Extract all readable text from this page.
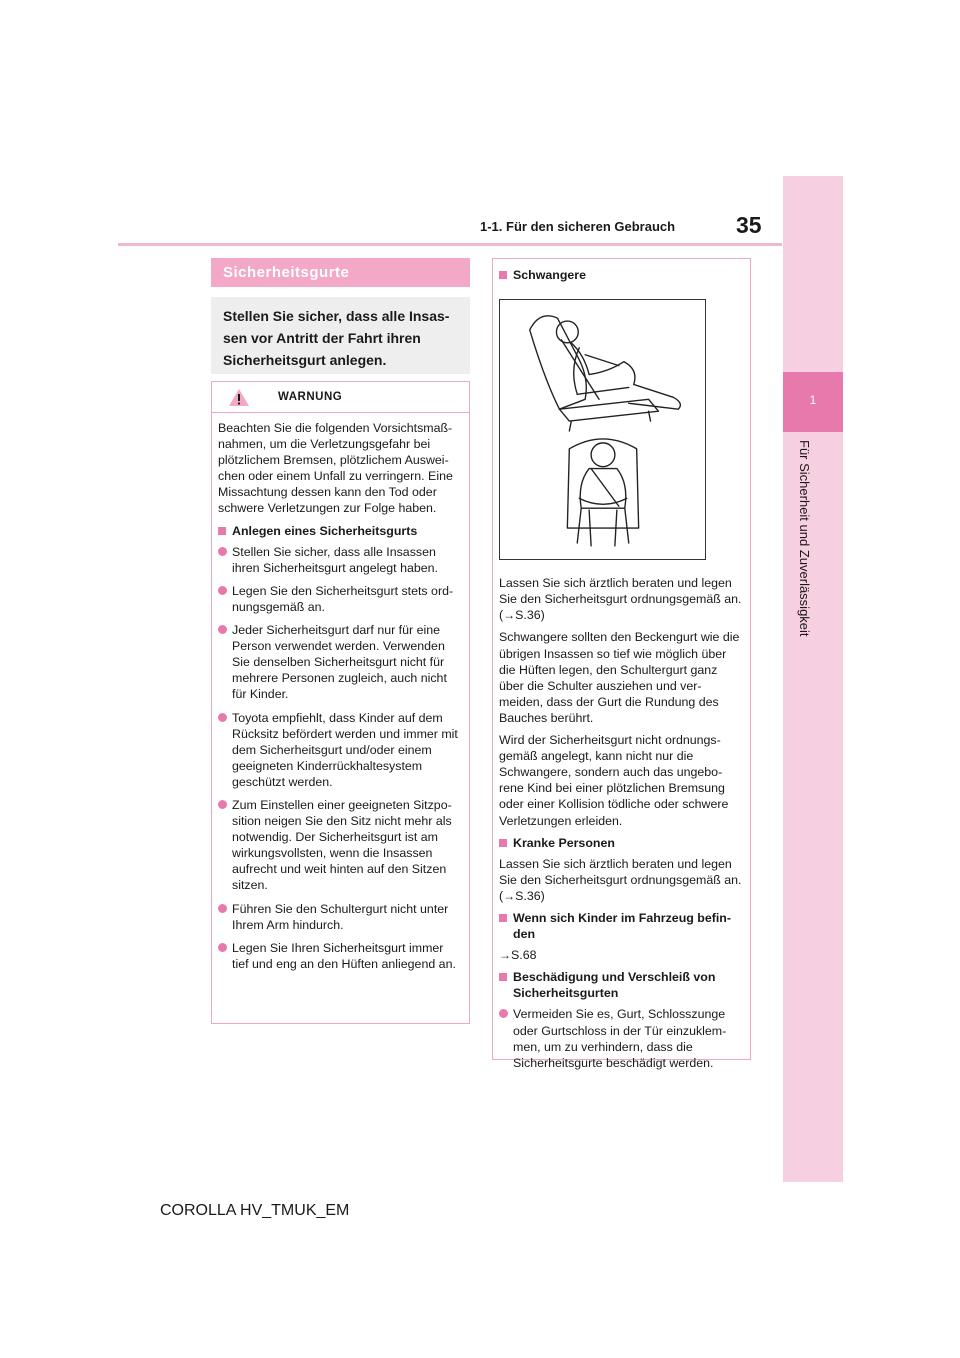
1-1. Für den sicheren Gebrauch	35
1
Für Sicherheit und Zuverlässigkeit
Sicherheitsgurte
Stellen Sie sicher, dass alle Insas-sen vor Antritt der Fahrt ihren Sicherheitsgurt anlegen.
WARNUNG

Beachten Sie die folgenden Vorsichtsmaß-nahmen, um die Verletzungsgefahr bei plötzlichem Bremsen, plötzlichem Auswei-chen oder einem Unfall zu verringern. Eine Missachtung dessen kann den Tod oder schwere Verletzungen zur Folge haben.

Anlegen eines Sicherheitsgurts
Stellen Sie sicher, dass alle Insassen ihren Sicherheitsgurt angelegt haben.
Legen Sie den Sicherheitsgurt stets ord-nungsgemäß an.
Jeder Sicherheitsgurt darf nur für eine Person verwendet werden. Verwenden Sie denselben Sicherheitsgurt nicht für mehrere Personen zugleich, auch nicht für Kinder.
Toyota empfiehlt, dass Kinder auf dem Rücksitz befördert werden und immer mit dem Sicherheitsgurt und/oder einem geeigneten Kinderrückhaltesystem geschützt werden.
Zum Einstellen einer geeigneten Sitzpo-sition neigen Sie den Sitz nicht mehr als notwendig. Der Sicherheitsgurt ist am wirkungsvollsten, wenn die Insassen aufrecht und weit hinten auf den Sitzen sitzen.
Führen Sie den Schultergurt nicht unter Ihrem Arm hindurch.
Legen Sie Ihren Sicherheitsgurt immer tief und eng an den Hüften anliegend an.
Schwangere

Lassen Sie sich ärztlich beraten und legen Sie den Sicherheitsgurt ordnungsgemäß an. (→S.36)

Schwangere sollten den Beckengurt wie die übrigen Insassen so tief wie möglich über die Hüften legen, den Schultergurt ganz über die Schulter ausziehen und ver-meiden, dass der Gurt die Rundung des Bauches berührt.

Wird der Sicherheitsgurt nicht ordnungs-gemäß angelegt, kann nicht nur die Schwangere, sondern auch das ungebo-rene Kind bei einer plötzlichen Bremsung oder einer Kollision tödliche oder schwere Verletzungen erleiden.

Kranke Personen

Lassen Sie sich ärztlich beraten und legen Sie den Sicherheitsgurt ordnungsgemäß an. (→S.36)

Wenn sich Kinder im Fahrzeug befin-den

→S.68

Beschädigung und Verschleiß von Sicherheitsgurten
Vermeiden Sie es, Gurt, Schlosszunge oder Gurtschloss in der Tür einzuklem-men, um zu verhindern, dass die Sicherheitsgurte beschädigt werden.
COROLLA HV_TMUK_EM
